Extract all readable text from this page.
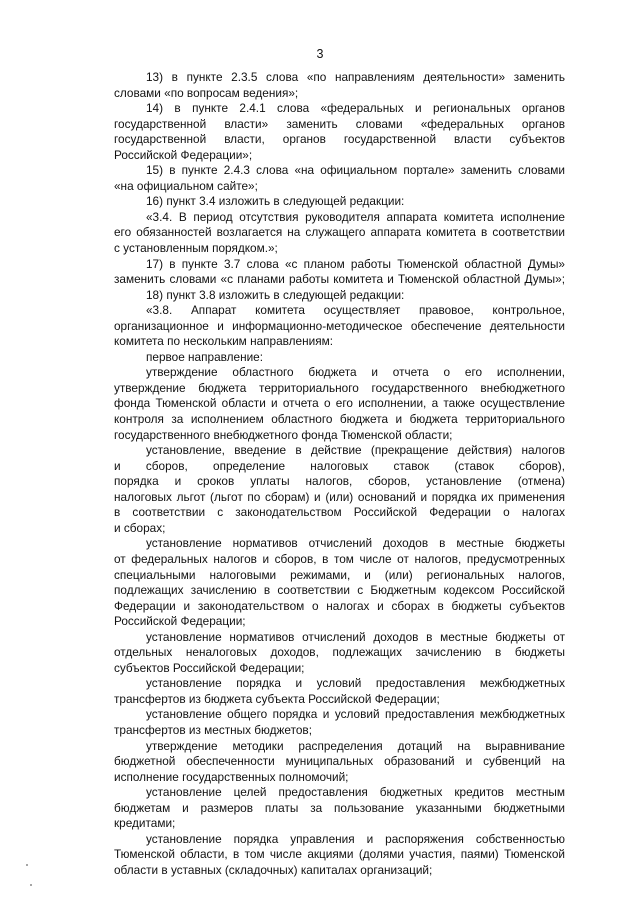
3
13) в пункте 2.3.5 слова «по направлениям деятельности» заменить
словами «по вопросам ведения»;
14) в пункте 2.4.1 слова «федеральных и региональных органов
государственной власти» заменить словами «федеральных органов
государственной власти, органов государственной власти субъектов
Российской Федерации»;
15) в пункте 2.4.3 слова «на официальном портале» заменить словами
«на официальном сайте»;
16) пункт 3.4 изложить в следующей редакции:
«3.4. В период отсутствия руководителя аппарата комитета исполнение
его обязанностей возлагается на служащего аппарата комитета в соответствии
с установленным порядком.»;
17) в пункте 3.7 слова «с планом работы Тюменской областной Думы»
заменить словами «с планами работы комитета и Тюменской областной Думы»;
18) пункт 3.8 изложить в следующей редакции:
«3.8. Аппарат комитета осуществляет правовое, контрольное,
организационное и информационно-методическое обеспечение деятельности
комитета по нескольким направлениям:
первое направление:
утверждение областного бюджета и отчета о его исполнении,
утверждение бюджета территориального государственного внебюджетного
фонда Тюменской области и отчета о его исполнении, а также осуществление
контроля за исполнением областного бюджета и бюджета территориального
государственного внебюджетного фонда Тюменской области;
установление, введение в действие (прекращение действия) налогов
и сборов, определение налоговых ставок (ставок сборов),
порядка и сроков уплаты налогов, сборов, установление (отмена)
налоговых льгот (льгот по сборам) и (или) оснований и порядка их применения
в соответствии с законодательством Российской Федерации о налогах
и сборах;
установление нормативов отчислений доходов в местные бюджеты
от федеральных налогов и сборов, в том числе от налогов, предусмотренных
специальными налоговыми режимами, и (или) региональных налогов,
подлежащих зачислению в соответствии с Бюджетным кодексом Российской
Федерации и законодательством о налогах и сборах в бюджеты субъектов
Российской Федерации;
установление нормативов отчислений доходов в местные бюджеты от
отдельных неналоговых доходов, подлежащих зачислению в бюджеты
субъектов Российской Федерации;
установление порядка и условий предоставления межбюджетных
трансфертов из бюджета субъекта Российской Федерации;
установление общего порядка и условий предоставления межбюджетных
трансфертов из местных бюджетов;
утверждение методики распределения дотаций на выравнивание
бюджетной обеспеченности муниципальных образований и субвенций на
исполнение государственных полномочий;
установление целей предоставления бюджетных кредитов местным
бюджетам и размеров платы за пользование указанными бюджетными
кредитами;
установление порядка управления и распоряжения собственностью
Тюменской области, в том числе акциями (долями участия, паями) Тюменской
области в уставных (складочных) капиталах организаций;
